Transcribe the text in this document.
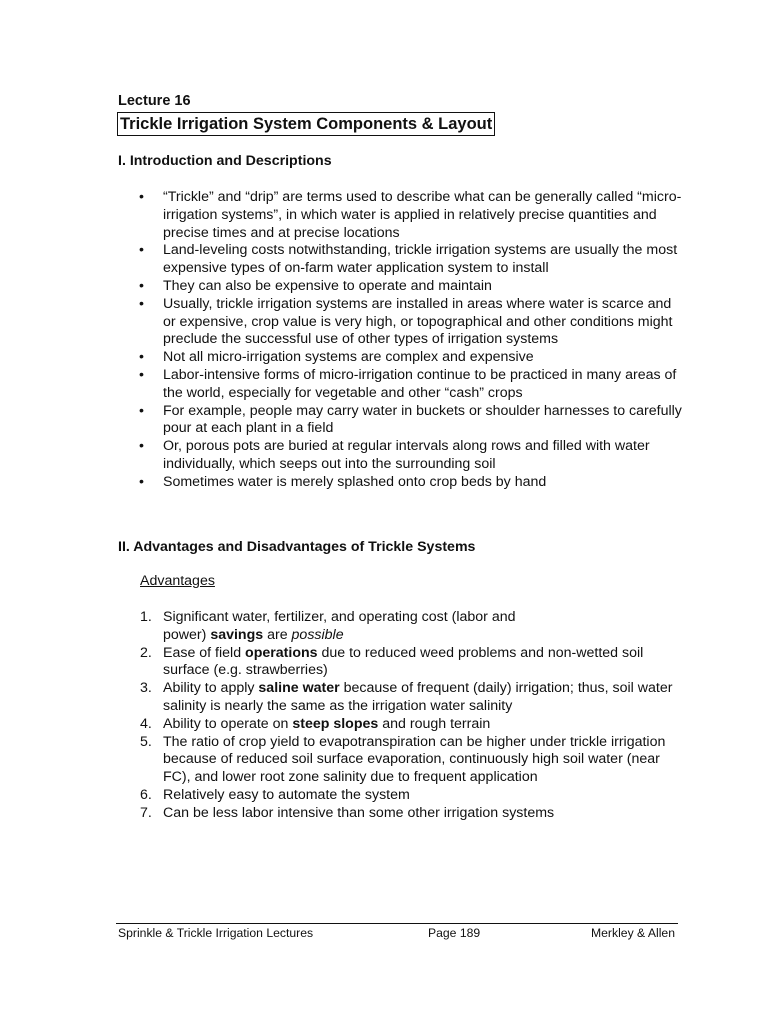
Lecture 16
Trickle Irrigation System Components & Layout
I. Introduction and Descriptions
• “Trickle” and “drip” are terms used to describe what can be generally called “micro-irrigation systems”, in which water is applied in relatively precise quantities and precise times and at precise locations
• Land-leveling costs notwithstanding, trickle irrigation systems are usually the most expensive types of on-farm water application system to install
• They can also be expensive to operate and maintain
• Usually, trickle irrigation systems are installed in areas where water is scarce and or expensive, crop value is very high, or topographical and other conditions might preclude the successful use of other types of irrigation systems
• Not all micro-irrigation systems are complex and expensive
• Labor-intensive forms of micro-irrigation continue to be practiced in many areas of the world, especially for vegetable and other “cash” crops
• For example, people may carry water in buckets or shoulder harnesses to carefully pour at each plant in a field
• Or, porous pots are buried at regular intervals along rows and filled with water individually, which seeps out into the surrounding soil
• Sometimes water is merely splashed onto crop beds by hand
II. Advantages and Disadvantages of Trickle Systems
Advantages
1. Significant water, fertilizer, and operating cost (labor and power) savings are possible
2. Ease of field operations due to reduced weed problems and non-wetted soil surface (e.g. strawberries)
3. Ability to apply saline water because of frequent (daily) irrigation; thus, soil water salinity is nearly the same as the irrigation water salinity
4. Ability to operate on steep slopes and rough terrain
5. The ratio of crop yield to evapotranspiration can be higher under trickle irrigation because of reduced soil surface evaporation, continuously high soil water (near FC), and lower root zone salinity due to frequent application
6. Relatively easy to automate the system
7. Can be less labor intensive than some other irrigation systems
Sprinkle & Trickle Irrigation Lectures	Page 189	Merkley & Allen
